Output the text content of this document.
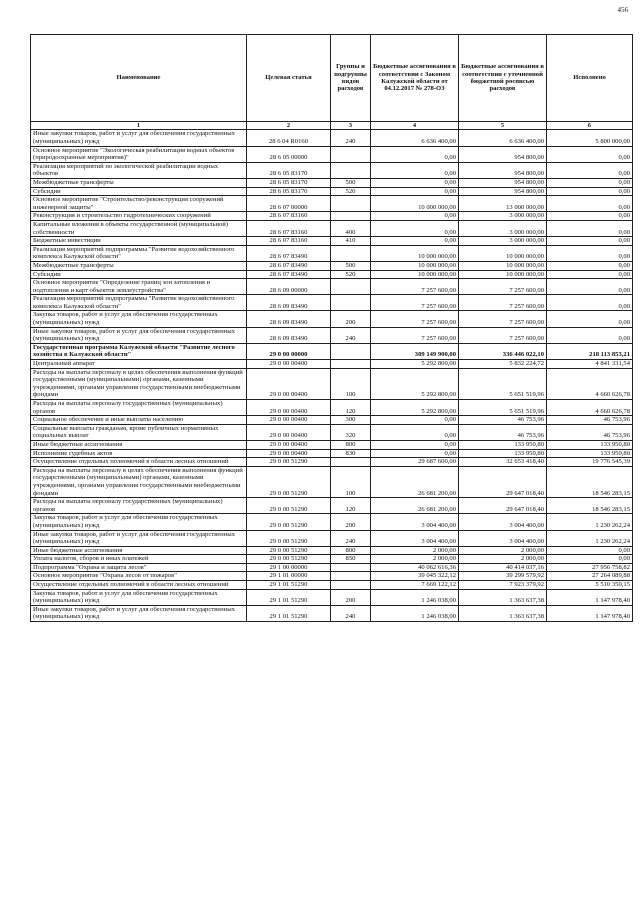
456
Наименование	Целевая статья	Группы и подгруппы видов расходов	Бюджетные ассигнования в соответствии с Законом Калужской области от 04.12.2017 № 278-ОЗ	Бюджетные ассигнования в соответствии с уточненной бюджетной росписью расходов	Исполнено
1	2	3	4	5	6
Иные закупки товаров, работ и услуг для обеспечения государственных (муниципальных) нужд	28 6 04 R0160	240	6 636 400,00	6 636 400,00	5 800 000,00
Основное мероприятие "Экологическая реабилитация водных объектов (природоохранные мероприятия)"	28 6 05 00000		0,00	954 800,00	0,00
Реализация мероприятий по экологической реабилитации водных объектов	28 6 05 83170		0,00	954 800,00	0,00
Межбюджетные трансферты	28 6 05 83170	500	0,00	954 800,00	0,00
Субсидии	28 6 05 83170	520	0,00	954 800,00	0,00
Основное мероприятие "Строительство/реконструкция сооружений инженерной защиты"	28 6 07 00000		10 000 000,00	13 000 000,00	0,00
Реконструкция и строительство гидротехнических сооружений	28 6 07 83160		0,00	3 000 000,00	0,00
Капитальные вложения в объекты государственной (муниципальной) собственности	28 6 07 83160	400	0,00	3 000 000,00	0,00
Бюджетные инвестиции	28 6 07 83160	410	0,00	3 000 000,00	0,00
Реализация мероприятий подпрограммы "Развитие водохозяйственного комплекса Калужской области"	28 6 07 83490		10 000 000,00	10 000 000,00	0,00
Межбюджетные трансферты	28 6 07 83490	500	10 000 000,00	10 000 000,00	0,00
Субсидии	28 6 07 83490	520	10 000 000,00	10 000 000,00	0,00
Основное мероприятие "Определение границ зон затопления и подтопления и карт объектов землеустройства"	28 6 09 00000		7 257 600,00	7 257 600,00	0,00
Реализация мероприятий подпрограммы "Развитие водохозяйственного комплекса Калужской области"	28 6 09 83490		7 257 600,00	7 257 600,00	0,00
Закупка товаров, работ и услуг для обеспечения государственных (муниципальных) нужд	28 6 09 83490	200	7 257 600,00	7 257 600,00	0,00
Иные закупки товаров, работ и услуг для обеспечения государственных (муниципальных) нужд	28 6 09 83490	240	7 257 600,00	7 257 600,00	0,00
Государственная программа Калужской области "Развитие лесного хозяйства в Калужской области"	29 0 00 00000		309 149 900,00	336 446 022,10	218 113 853,21
Центральный аппарат	29 0 00 00400		5 292 800,00	5 832 224,72	4 841 331,54
Расходы на выплаты персоналу в целях обеспечения выполнения функций государственными (муниципальными) органами, казенными учреждениями, органами управления государственными внебюджетными фондами	29 0 00 00400	100	5 292 800,00	5 651 519,96	4 660 626,78
Расходы на выплаты персоналу государственных (муниципальных) органов	29 0 00 00400	120	5 292 800,00	5 651 519,96	4 660 626,78
Социальное обеспечение и иные выплаты населению	29 0 00 00400	300	0,00	46 753,96	46 753,96
Социальные выплаты гражданам, кроме публичных нормативных социальных выплат	29 0 00 00400	320	0,00	46 753,96	46 753,96
Иные бюджетные ассигнования	29 0 00 00400	800	0,00	133 950,80	133 950,80
Исполнение судебных актов	29 0 00 00400	830	0,00	133 950,80	133 950,80
Осуществление отдельных полномочий в области лесных отношений	29 0 00 51290		29 687 600,00	32 653 418,40	19 776 545,39
Расходы на выплаты персоналу в целях обеспечения выполнения функций государственными (муниципальными) органами, казенными учреждениями, органами управления государственными внебюджетными фондами	29 0 00 51290	100	26 681 200,00	29 647 018,40	18 546 283,15
Расходы на выплаты персоналу государственных (муниципальных) органов	29 0 00 51290	120	26 681 200,00	29 647 018,40	18 546 283,15
Закупка товаров, работ и услуг для обеспечения государственных (муниципальных) нужд	29 0 00 51290	200	3 004 400,00	3 004 400,00	1 230 262,24
Иные закупки товаров, работ и услуг для обеспечения государственных (муниципальных) нужд	29 0 00 51290	240	3 004 400,00	3 004 400,00	1 230 262,24
Иные бюджетные ассигнования	29 0 00 51290	800	2 000,00	2 000,00	0,00
Уплата налогов, сборов и иных платежей	29 0 00 51290	850	2 000,00	2 000,00	0,00
Подпрограмма "Охрана и защита лесов"	29 1 00 00000		40 062 616,36	40 414 037,16	27 956 758,82
Основное мероприятие "Охрана лесов от пожаров"	29 1 01 00000		39 045 322,12	39 299 579,92	27 264 089,88
Осуществление отдельных полномочий в области лесных отношений	29 1 01 51290		7 669 122,12	7 923 379,92	5 510 350,15
Закупка товаров, работ и услуг для обеспечения государственных (муниципальных) нужд	29 1 01 51290	200	1 246 038,00	1 363 637,38	1 147 978,40
Иные закупки товаров, работ и услуг для обеспечения государственных (муниципальных) нужд	29 1 01 51290	240	1 246 038,00	1 363 637,38	1 147 978,40
